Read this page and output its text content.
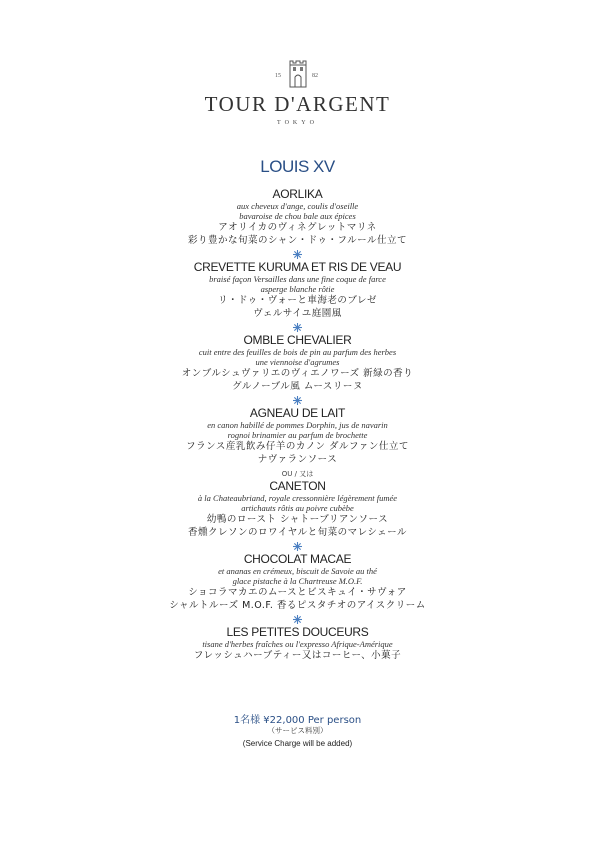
15	82
TOUR D'ARGENT
TOKYO
LOUIS XV
AORLIKA
aux cheveux d'ange, coulis d'oseille
bavaroise de chou bale aux épices
アオリイカのヴィネグレットマリネ
彩り豊かな旬菜のシャン・ドゥ・フルール仕立て
CREVETTE KURUMA ET RIS DE VEAU
braisé façon Versailles dans une fine coque de farce
asperge blanche rôtie
リ・ドゥ・ヴォーと車海老のブレゼ
ヴェルサイユ庭園風
OMBLE CHEVALIER
cuit entre des feuilles de bois de pin au parfum des herbes
une viennoise d'agrumes
オンブルシュヴァリエのヴィエノワーズ 新緑の香り
グルノーブル風 ムースリーヌ
AGNEAU DE LAIT
en canon habillé de pommes Dorphin, jus de navarin
rognoi brinamier au parfum de brochette
フランス産乳飲み仔羊のカノン ダルファン仕立て
ナヴァランソース
OU / 又は
CANETON
à la Chateaubriand, royale cressonnière légèrement fumée
artichauts rôtis au poivre cubèbe
幼鴨のロースト シャトーブリアンソース
香燻クレソンのロワイヤルと旬菜のマレシェール
CHOCOLAT MACAE
et ananas en crémeux, biscuit de Savoie au thé
glace pistache à la Chartreuse M.O.F.
ショコラマカエのムースとビスキュイ・サヴォア
シャルトルーズ M.O.F. 香るピスタチオのアイスクリーム
LES PETITES DOUCEURS
tisane d'herbes fraîches ou l'expresso Afrique-Amérique
フレッシュハーブティー又はコーヒー、小菓子
1名様 ¥22,000 Per person
（サービス料別）
(Service Charge will be added)
